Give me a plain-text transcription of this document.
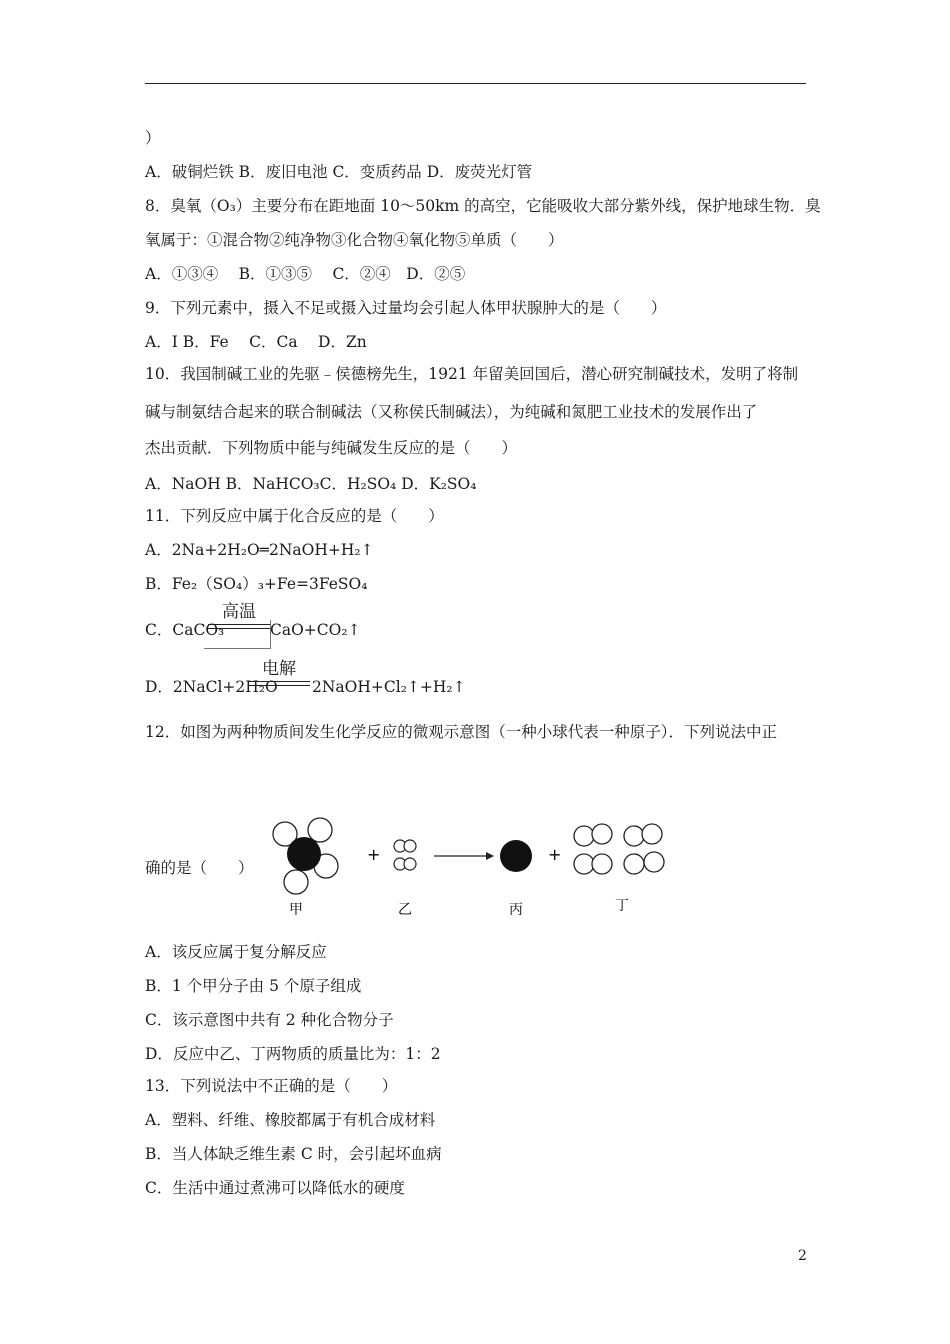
）
A．破铜烂铁 B．废旧电池 C．变质药品 D．废荧光灯管
8．臭氧（O₃）主要分布在距地面 10～50km 的高空，它能吸收大部分紫外线，保护地球生物．臭
氧属于：①混合物②纯净物③化合物④氧化物⑤单质（　　）
A．①③④　 B．①③⑤　 C．②④　D．②⑤
9．下列元素中，摄入不足或摄入过量均会引起人体甲状腺肿大的是（　　）
A．I B．Fe　 C．Ca　 D．Zn
10．我国制碱工业的先驱﹣侯德榜先生，1921 年留美回国后，潜心研究制碱技术，发明了将制
碱与制氨结合起来的联合制碱法（又称侯氏制碱法），为纯碱和氮肥工业技术的发展作出了
杰出贡献．下列物质中能与纯碱发生反应的是（　　）
A．NaOH B．NaHCO₃C．H₂SO₄ D．K₂SO₄
11．下列反应中属于化合反应的是（　　）
A．2Na+2H₂O═2NaOH+H₂↑
B．Fe₂（SO₄）₃+Fe=3FeSO₄
C．CaCO₃
高温
CaO+CO₂↑
D．2NaCl+2H₂O
电解
2NaOH+Cl₂↑+H₂↑
12．如图为两种物质间发生化学反应的微观示意图（一种小球代表一种原子）．下列说法中正
确的是（　　）
+	+
甲	乙	丙	丁
A．该反应属于复分解反应
B．1 个甲分子由 5 个原子组成
C．该示意图中共有 2 种化合物分子
D．反应中乙、丁两物质的质量比为：1：2
13．下列说法中不正确的是（　　）
A．塑料、纤维、橡胶都属于有机合成材料
B．当人体缺乏维生素 C 时，会引起坏血病
C．生活中通过煮沸可以降低水的硬度
2
